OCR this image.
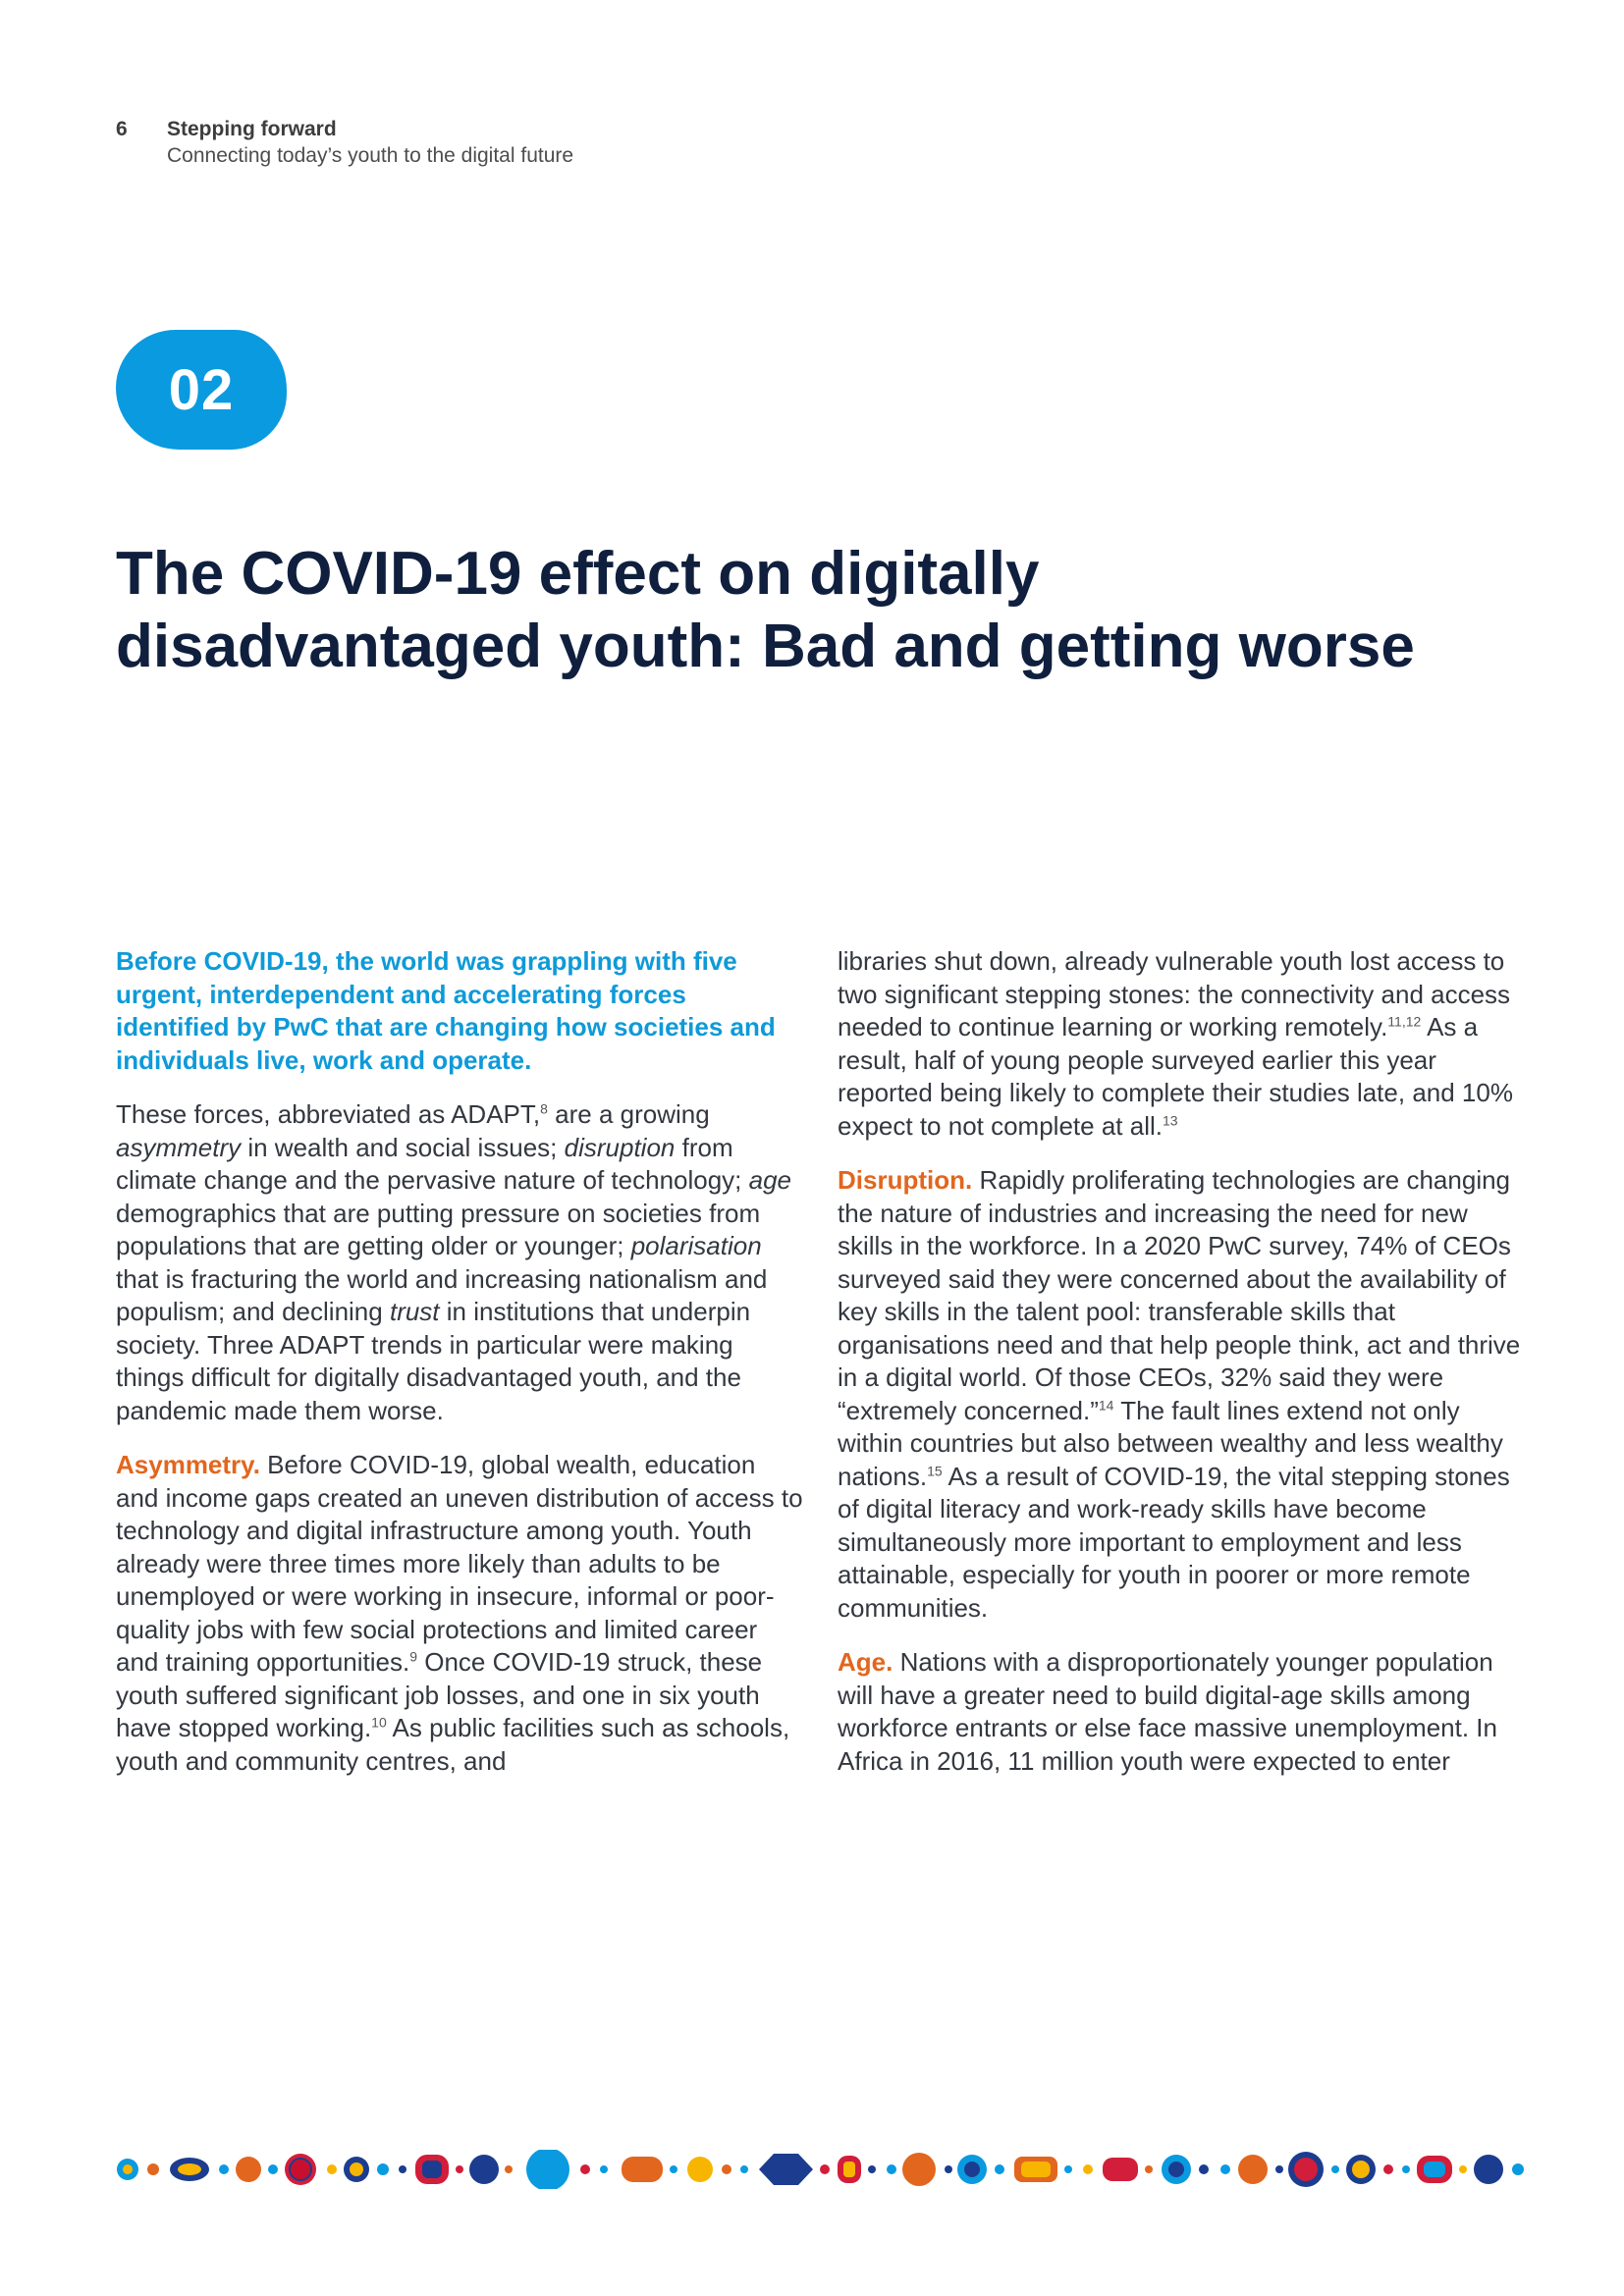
6 Stepping forward
Connecting today’s youth to the digital future
02
The COVID-19 effect on digitally disadvantaged youth: Bad and getting worse

Before COVID-19, the world was grappling with five urgent, interdependent and accelerating forces identified by PwC that are changing how societies and individuals live, work and operate.

These forces, abbreviated as ADAPT,$^8$ are a growing asymmetry in wealth and social issues; disruption from climate change and the pervasive nature of technology; age demographics that are putting pressure on societies from populations that are getting older or younger; polarisation that is fracturing the world and increasing nationalism and populism; and declining trust in institutions that underpin society. Three ADAPT trends in particular were making things difficult for digitally disadvantaged youth, and the pandemic made them worse.

Asymmetry. Before COVID-19, global wealth, education and income gaps created an uneven distribution of access to technology and digital infrastructure among youth. Youth already were three times more likely than adults to be unemployed or were working in insecure, informal or poor-quality jobs with few social protections and limited career and training opportunities.$^9$ Once COVID-19 struck, these youth suffered significant job losses, and one in six youth have stopped working.$^{10}$ As public facilities such as schools, youth and community centres, and

libraries shut down, already vulnerable youth lost access to two significant stepping stones: the connectivity and access needed to continue learning or working remotely.$^{11,12}$ As a result, half of young people surveyed earlier this year reported being likely to complete their studies late, and 10% expect to not complete at all.$^{13}$

Disruption. Rapidly proliferating technologies are changing the nature of industries and increasing the need for new skills in the workforce. In a 2020 PwC survey, 74% of CEOs surveyed said they were concerned about the availability of key skills in the talent pool: transferable skills that organisations need and that help people think, act and thrive in a digital world. Of those CEOs, 32% said they were “extremely concerned.”$^{14}$ The fault lines extend not only within countries but also between wealthy and less wealthy nations.$^{15}$ As a result of COVID-19, the vital stepping stones of digital literacy and work-ready skills have become simultaneously more important to employment and less attainable, especially for youth in poorer or more remote communities.

Age. Nations with a disproportionately younger population will have a greater need to build digital-age skills among workforce entrants or else face massive unemployment. In Africa in 2016, 11 million youth were expected to enter
